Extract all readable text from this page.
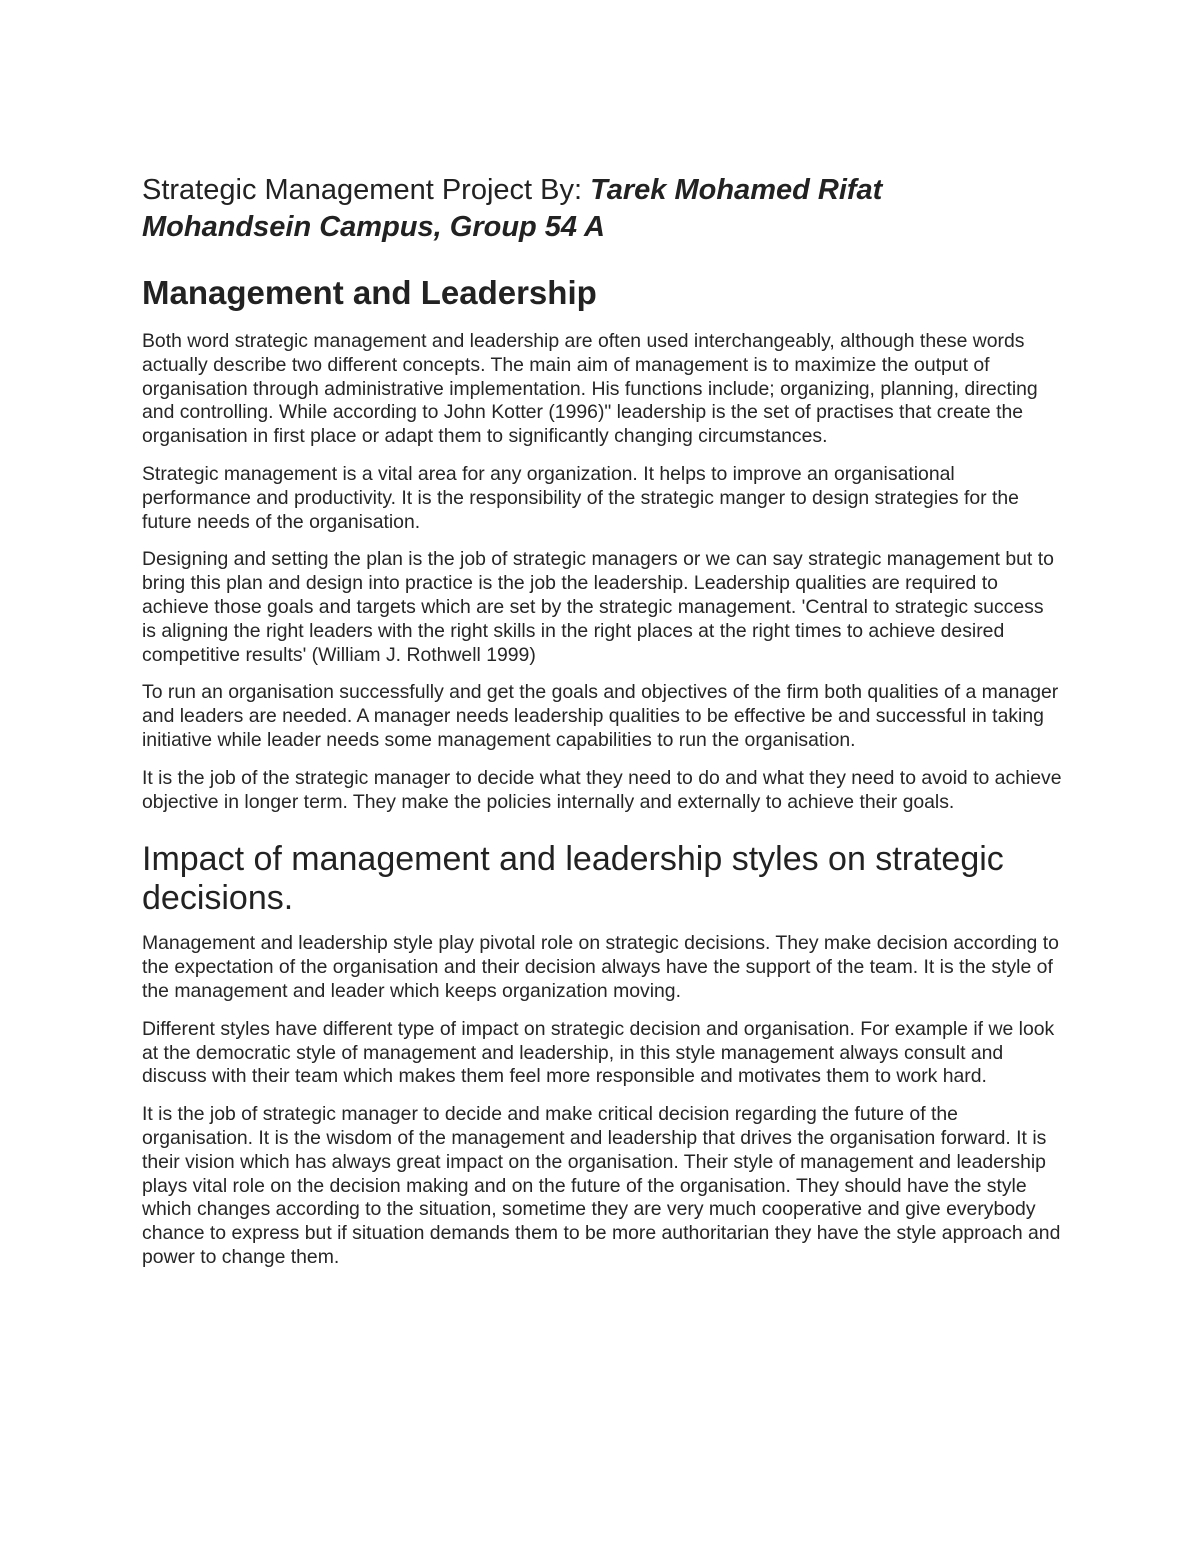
Strategic Management Project By: Tarek Mohamed Rifat
Mohandsein Campus, Group 54 A
Management and Leadership

Both word strategic management and leadership are often used interchangeably, although these words actually describe two different concepts. The main aim of management is to maximize the output of organisation through administrative implementation. His functions include; organizing, planning, directing and controlling. While according to John Kotter (1996)" leadership is the set of practises that create the organisation in first place or adapt them to significantly changing circumstances.

Strategic management is a vital area for any organization. It helps to improve an organisational performance and productivity. It is the responsibility of the strategic manger to design strategies for the future needs of the organisation.

Designing and setting the plan is the job of strategic managers or we can say strategic management but to bring this plan and design into practice is the job the leadership. Leadership qualities are required to achieve those goals and targets which are set by the strategic management. 'Central to strategic success is aligning the right leaders with the right skills in the right places at the right times to achieve desired competitive results' (William J. Rothwell 1999)

To run an organisation successfully and get the goals and objectives of the firm both qualities of a manager and leaders are needed. A manager needs leadership qualities to be effective be and successful in taking initiative while leader needs some management capabilities to run the organisation.

It is the job of the strategic manager to decide what they need to do and what they need to avoid to achieve objective in longer term. They make the policies internally and externally to achieve their goals.

Impact of management and leadership styles on strategic decisions.

Management and leadership style play pivotal role on strategic decisions. They make decision according to the expectation of the organisation and their decision always have the support of the team. It is the style of the management and leader which keeps organization moving.

Different styles have different type of impact on strategic decision and organisation. For example if we look at the democratic style of management and leadership, in this style management always consult and discuss with their team which makes them feel more responsible and motivates them to work hard.

It is the job of strategic manager to decide and make critical decision regarding the future of the organisation. It is the wisdom of the management and leadership that drives the organisation forward. It is their vision which has always great impact on the organisation. Their style of management and leadership plays vital role on the decision making and on the future of the organisation. They should have the style which changes according to the situation, sometime they are very much cooperative and give everybody chance to express but if situation demands them to be more authoritarian they have the style approach and power to change them.
